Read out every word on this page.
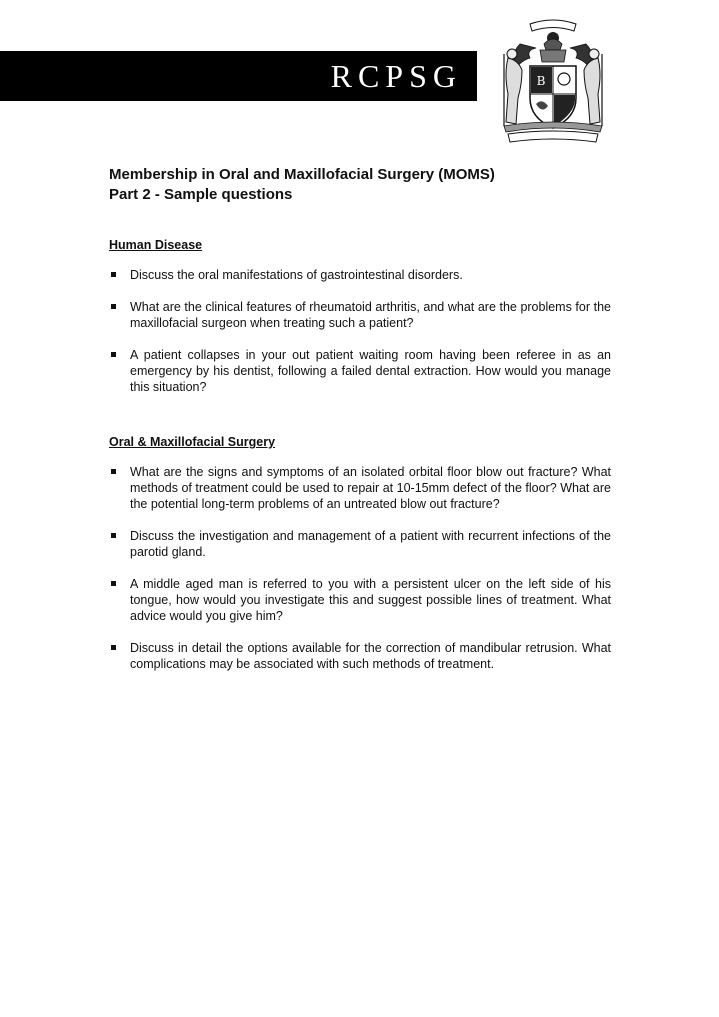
RCPSG	B

Membership in Oral and Maxillofacial Surgery (MOMS)

Part 2 - Sample questions

Human Disease

Discuss the oral manifestations of gastrointestinal disorders.
What are the clinical features of rheumatoid arthritis, and what are the problems for the maxillofacial surgeon when treating such a patient?
A patient collapses in your out patient waiting room having been referee in as an emergency by his dentist, following a failed dental extraction. How would you manage this situation?

Oral & Maxillofacial Surgery

What are the signs and symptoms of an isolated orbital floor blow out fracture? What methods of treatment could be used to repair at 10-15mm defect of the floor? What are the potential long-term problems of an untreated blow out fracture?
Discuss the investigation and management of a patient with recurrent infections of the parotid gland.
A middle aged man is referred to you with a persistent ulcer on the left side of his tongue, how would you investigate this and suggest possible lines of treatment. What advice would you give him?
Discuss in detail the options available for the correction of mandibular retrusion. What complications may be associated with such methods of treatment.
